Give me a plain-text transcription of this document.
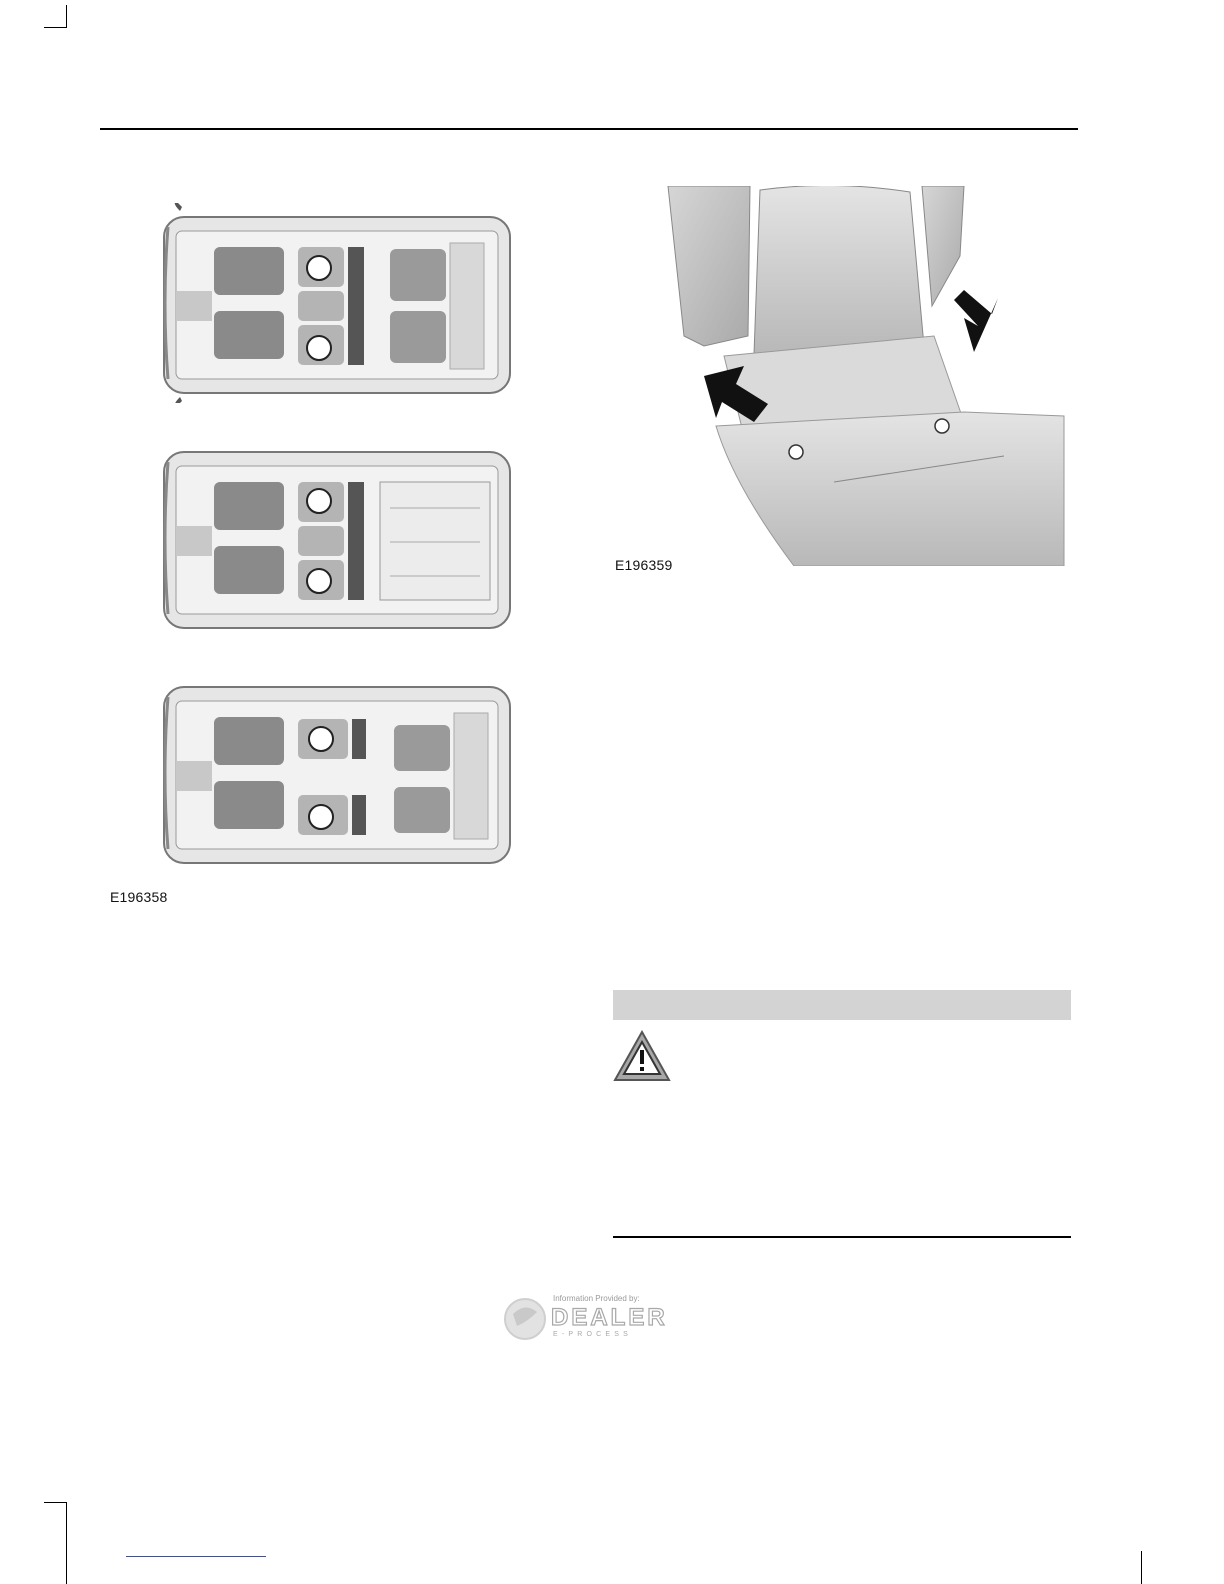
E196358
E196359
Information Provided by:
DEALER
E-PROCESS
